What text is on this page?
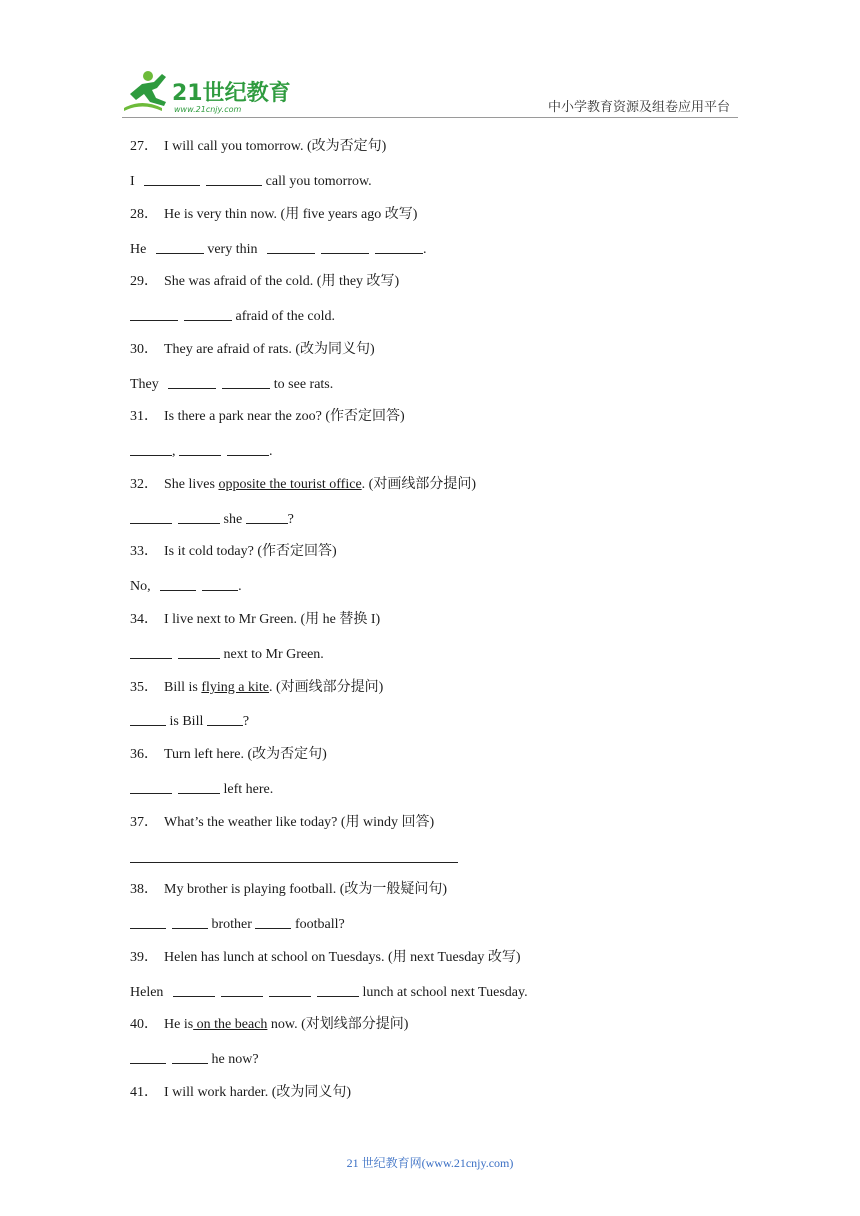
21世纪教育
www.21cnjy.com	中小学教育资源及组卷应用平台
27． I will call you tomorrow. (改为否定句)
I	call you tomorrow.
28． He is very thin now. (用 five years ago 改写)
He	very thin	.
29． She was afraid of the cold. (用 they 改写)
afraid of the cold.
30． They are afraid of rats. (改为同义句)
They	to see rats.
31． Is there a park near the zoo? (作否定回答)
,	.
32． She lives opposite the tourist office. (对画线部分提问)
she	?
33． Is it cold today? (作否定回答)
No,	.
34． I live next to Mr Green. (用 he 替换 I)
next to Mr Green.
35． Bill is flying a kite. (对画线部分提问)
is Bill	?
36． Turn left here. (改为否定句)
left here.
37． What’s the weather like today? (用 windy 回答)
38． My brother is playing football. (改为一般疑问句)
brother	football?
39． Helen has lunch at school on Tuesdays. (用 next Tuesday 改写)
Helen	lunch at school next Tuesday.
40． He is on the beach now. (对划线部分提问)
he now?
41． I will work harder. (改为同义句)
21 世纪教育网(www.21cnjy.com)
